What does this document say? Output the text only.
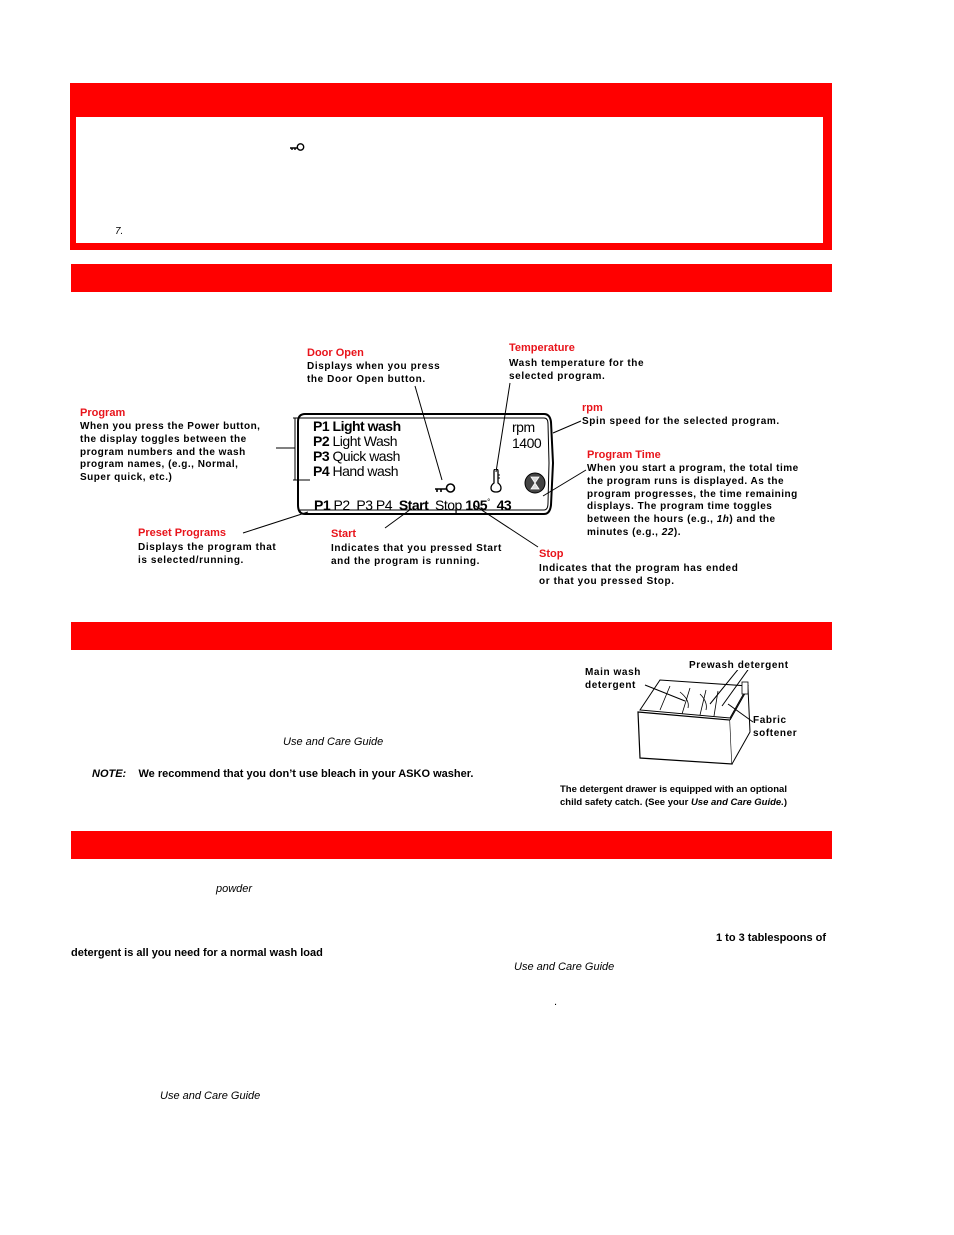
7.
Door Open
Displays when you press
the Door Open button.
Temperature
Wash temperature for the
selected program.
rpm
Spin speed for the selected program.
Program
When you press the Power button,
the display toggles between the
program numbers and the wash
program names, (e.g., Normal,
Super quick, etc.)
Program Time
When you start a program, the total time
the program runs is displayed. As the
program progresses, the time remaining
displays. The program time toggles
between the hours (e.g., 1h) and the
minutes (e.g., 22).
Preset Programs
Displays the program that
is selected/running.
Start
Indicates that you pressed Start
and the program is running.
Stop
Indicates that the program has ended
or that you pressed Stop.
P1 Light wash
P2 Light Wash
P3 Quick wash
P4 Hand wash
rpm
1400
P1 P2  P3 P4 Start Stop 105° 43
Use and Care Guide
NOTE: We recommend that you don’t use bleach in your ASKO washer.
Main wash
detergent
Prewash detergent
Fabric
softener
The detergent drawer is equipped with an optional
child safety catch. (See your Use and Care Guide.)
powder
1 to 3 tablespoons of
detergent is all you need for a normal wash load
Use and Care Guide
.
Use and Care Guide
